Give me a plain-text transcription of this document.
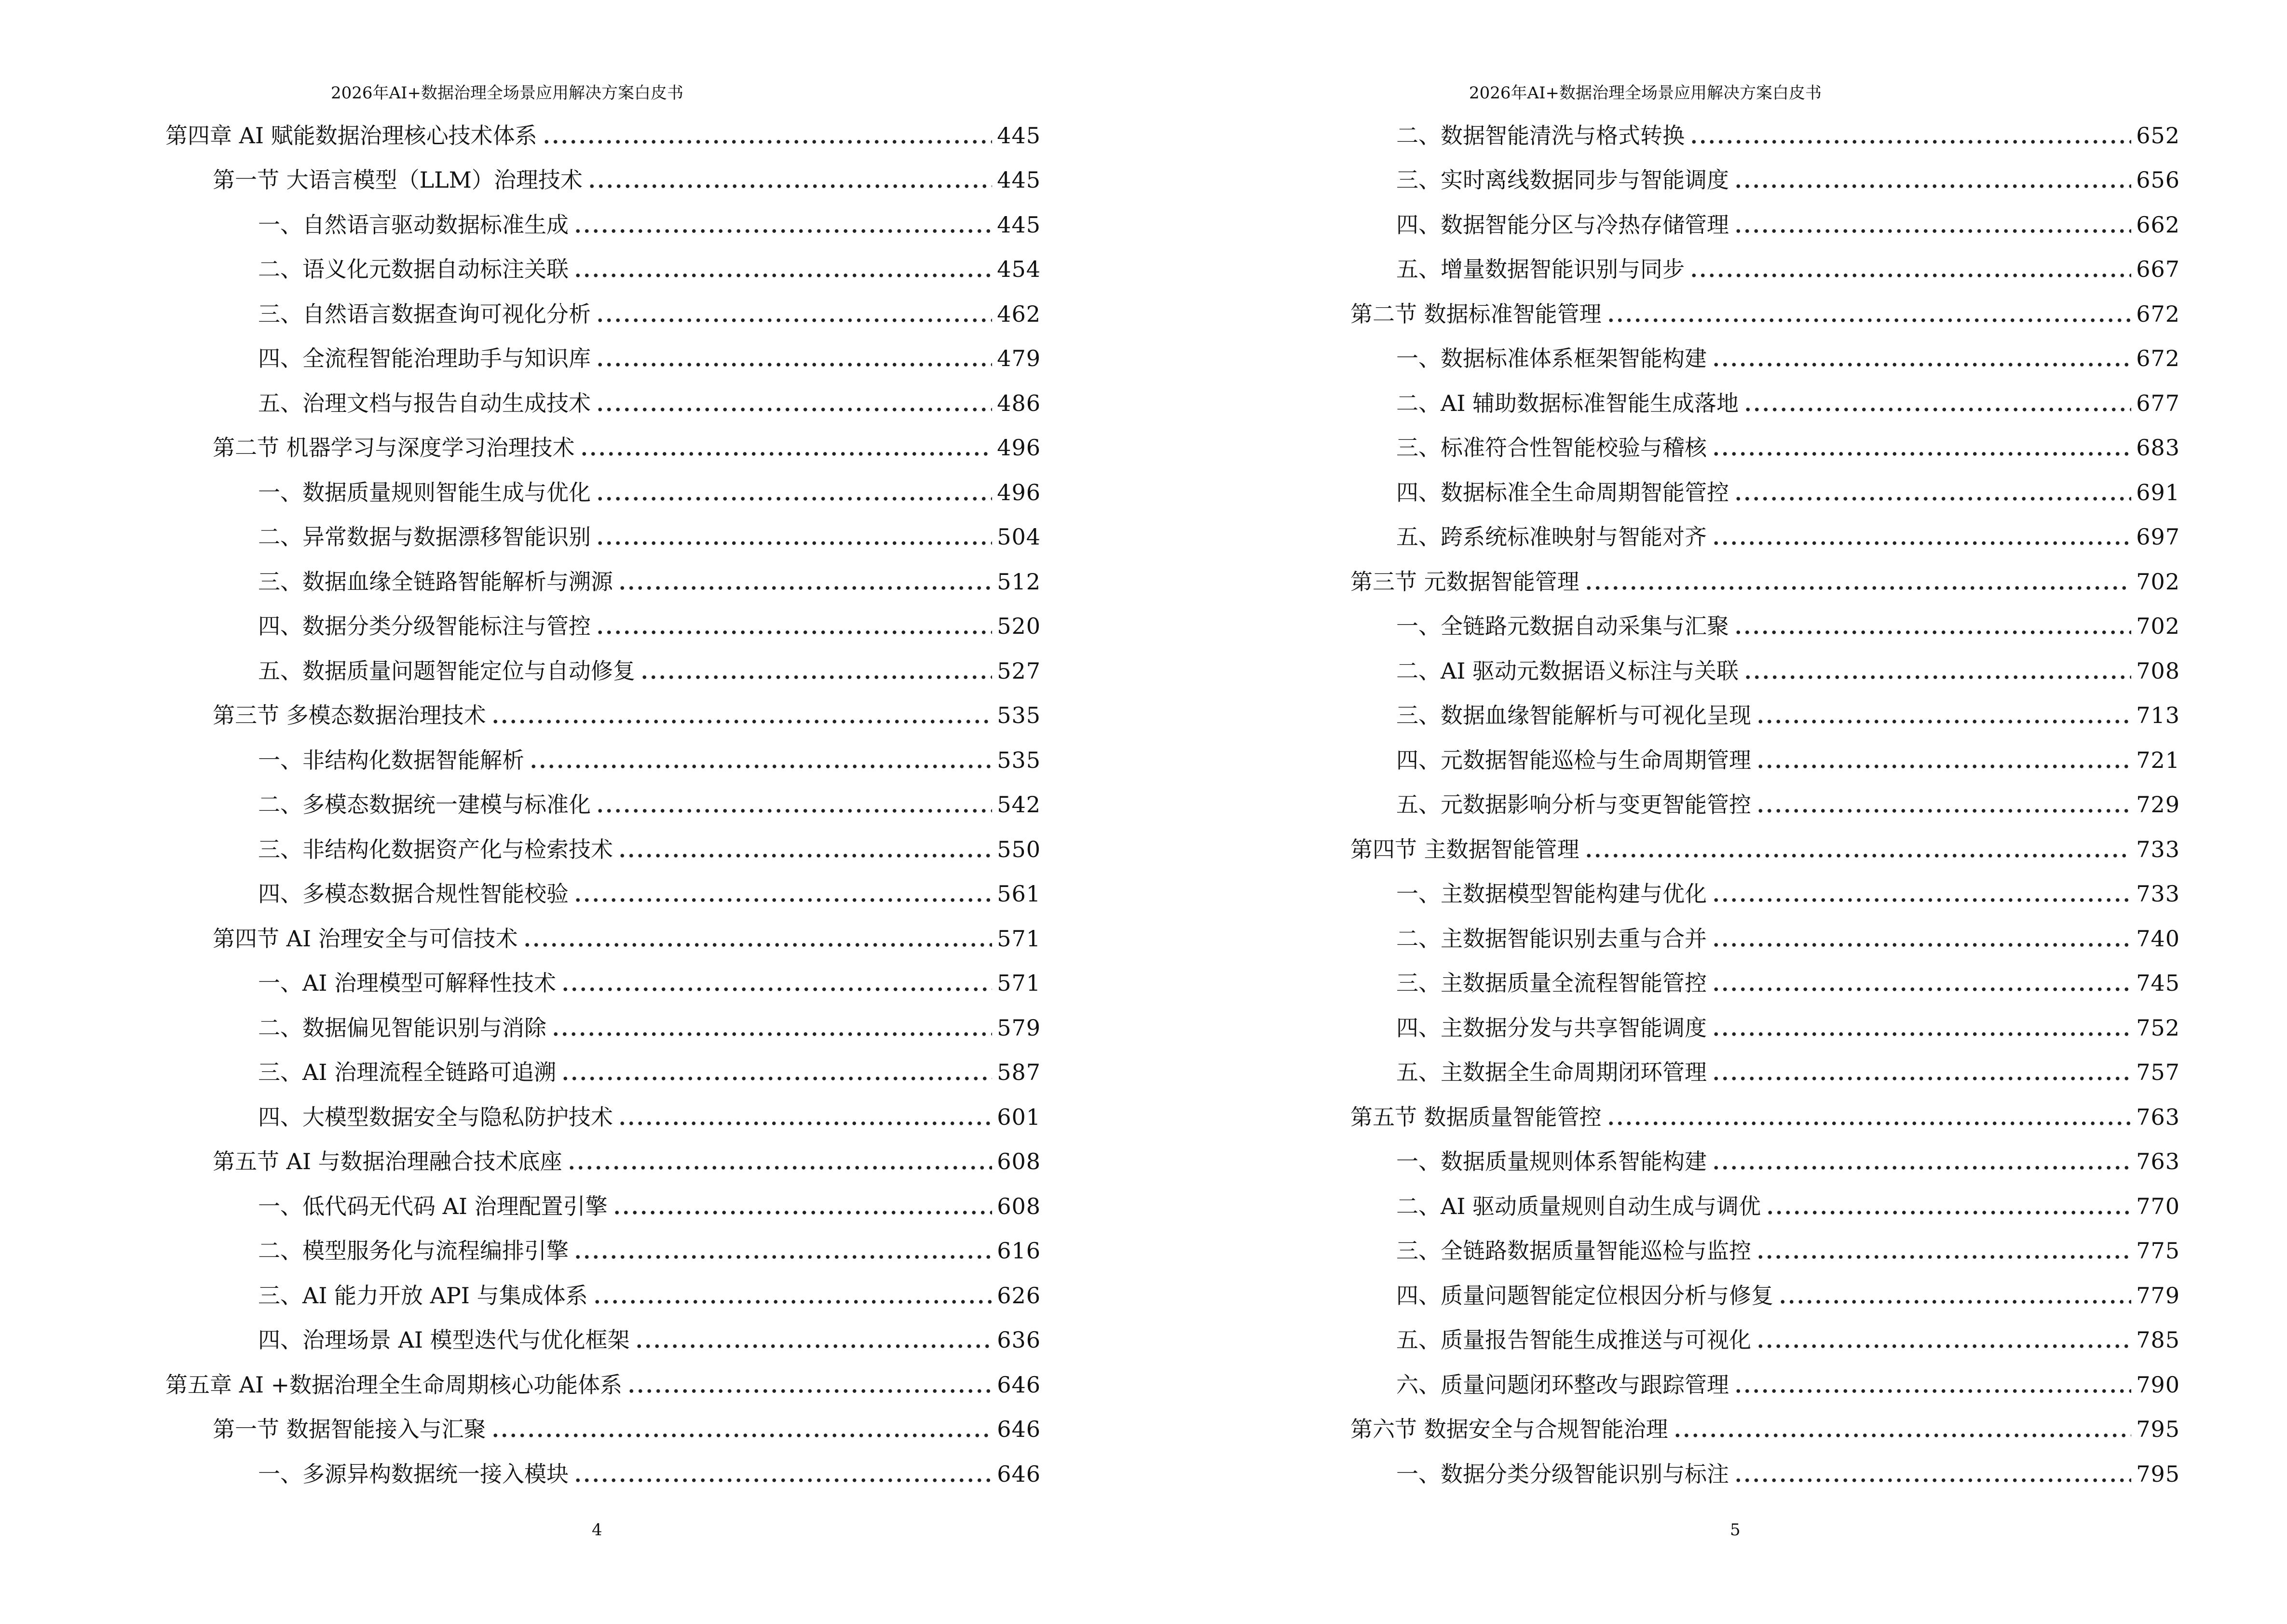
2026年AI+数据治理全场景应用解决方案白皮书
第四章 AI 赋能数据治理核心技术体系	445
第一节 大语言模型（LLM）治理技术	445
一、自然语言驱动数据标准生成	445
二、语义化元数据自动标注关联	454
三、自然语言数据查询可视化分析	462
四、全流程智能治理助手与知识库	479
五、治理文档与报告自动生成技术	486
第二节 机器学习与深度学习治理技术	496
一、数据质量规则智能生成与优化	496
二、异常数据与数据漂移智能识别	504
三、数据血缘全链路智能解析与溯源	512
四、数据分类分级智能标注与管控	520
五、数据质量问题智能定位与自动修复	527
第三节 多模态数据治理技术	535
一、非结构化数据智能解析	535
二、多模态数据统一建模与标准化	542
三、非结构化数据资产化与检索技术	550
四、多模态数据合规性智能校验	561
第四节 AI 治理安全与可信技术	571
一、AI 治理模型可解释性技术	571
二、数据偏见智能识别与消除	579
三、AI 治理流程全链路可追溯	587
四、大模型数据安全与隐私防护技术	601
第五节 AI 与数据治理融合技术底座	608
一、低代码无代码 AI 治理配置引擎	608
二、模型服务化与流程编排引擎	616
三、AI 能力开放 API 与集成体系	626
四、治理场景 AI 模型迭代与优化框架	636
第五章 AI +数据治理全生命周期核心功能体系	646
第一节 数据智能接入与汇聚	646
一、多源异构数据统一接入模块	646
4
2026年AI+数据治理全场景应用解决方案白皮书
二、数据智能清洗与格式转换	652
三、实时离线数据同步与智能调度	656
四、数据智能分区与冷热存储管理	662
五、增量数据智能识别与同步	667
第二节 数据标准智能管理	672
一、数据标准体系框架智能构建	672
二、AI 辅助数据标准智能生成落地	677
三、标准符合性智能校验与稽核	683
四、数据标准全生命周期智能管控	691
五、跨系统标准映射与智能对齐	697
第三节 元数据智能管理	702
一、全链路元数据自动采集与汇聚	702
二、AI 驱动元数据语义标注与关联	708
三、数据血缘智能解析与可视化呈现	713
四、元数据智能巡检与生命周期管理	721
五、元数据影响分析与变更智能管控	729
第四节 主数据智能管理	733
一、主数据模型智能构建与优化	733
二、主数据智能识别去重与合并	740
三、主数据质量全流程智能管控	745
四、主数据分发与共享智能调度	752
五、主数据全生命周期闭环管理	757
第五节 数据质量智能管控	763
一、数据质量规则体系智能构建	763
二、AI 驱动质量规则自动生成与调优	770
三、全链路数据质量智能巡检与监控	775
四、质量问题智能定位根因分析与修复	779
五、质量报告智能生成推送与可视化	785
六、质量问题闭环整改与跟踪管理	790
第六节 数据安全与合规智能治理	795
一、数据分类分级智能识别与标注	795
5
